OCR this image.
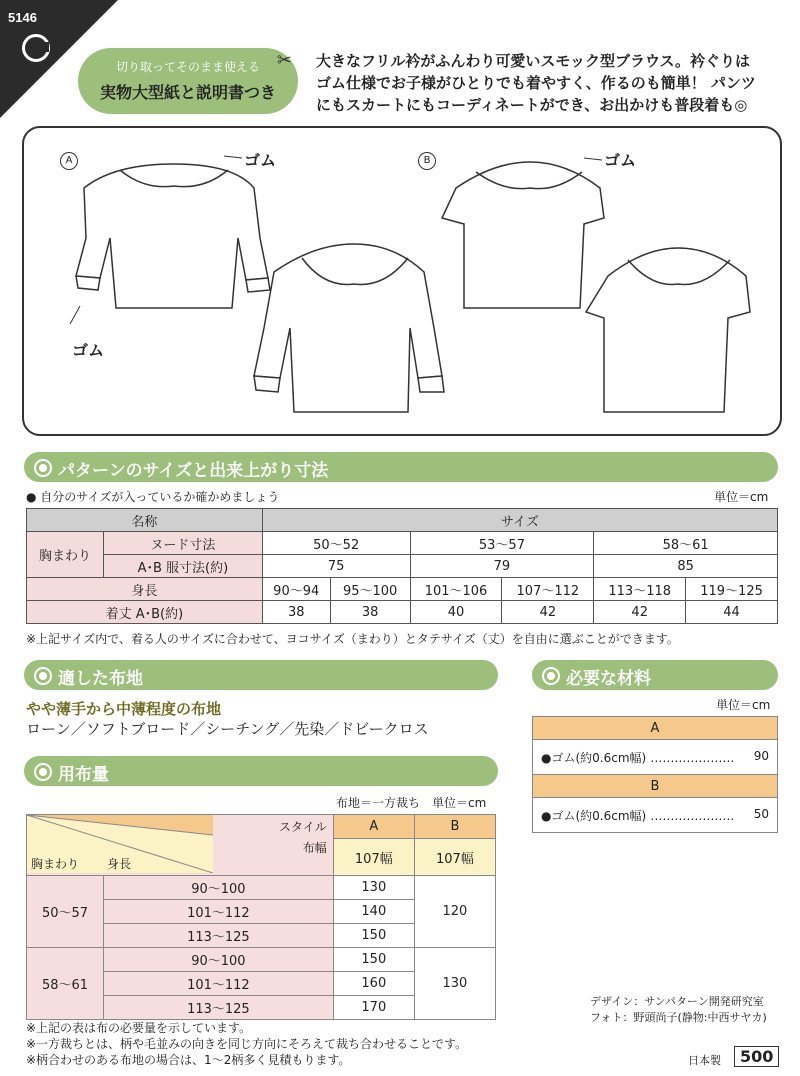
5146
切り取ってそのまま使える
実物大型紙と説明書つき
✂ 大きなフリル衿がふんわり可愛いスモック型ブラウス。衿ぐりは
ゴム仕様でお子様がひとりでも着やすく、作るのも簡単！ パンツ
にもスカートにもコーディネートができ、お出かけも普段着も◎
A	B
ゴム
ゴム
ゴム
パターンのサイズと出来上がり寸法
● 自分のサイズが入っているか確かめましょう	単位＝cm
名称		サイズ					
胸まわり	ヌード寸法	50〜52		53〜57		58〜61	
	A･B 服寸法(約)	75		79		85	
身長		90〜94	95〜100	101〜106	107〜112	113〜118	119〜125
着丈 A･B(約)		38	38	40	42	42	44
※上記サイズ内で、着る人のサイズに合わせて、ヨコサイズ（まわり）とタテサイズ（丈）を自由に選ぶことができます。
適した布地
やや薄手から中薄程度の布地
ローン／ソフトブロード／シーチング／先染／ドビークロス
用布量
布地＝一方裁ち　単位＝cm
スタイル
布幅
胸まわり 身長		A	B
		107幅	107幅
50〜57	90〜100	130	120
	101〜112	140	
	113〜125	150	
58〜61	90〜100	150	130
	101〜112	160	
	113〜125	170	
※上記の表は布の必要量を示しています。
※一方裁ちとは、柄や毛並みの向きを同じ方向にそろえて裁ち合わせることです。
※柄合わせのある布地の場合は、1〜2柄多く見積もります。
必要な材料
単位＝cm
A
●ゴム(約0.6cm幅) ………………… 90

B
●ゴム(約0.6cm幅) ………………… 50
デザイン：サンパターン開発研究室
フォト：野頭尚子(静物:中西サヤカ)
日本製	500
